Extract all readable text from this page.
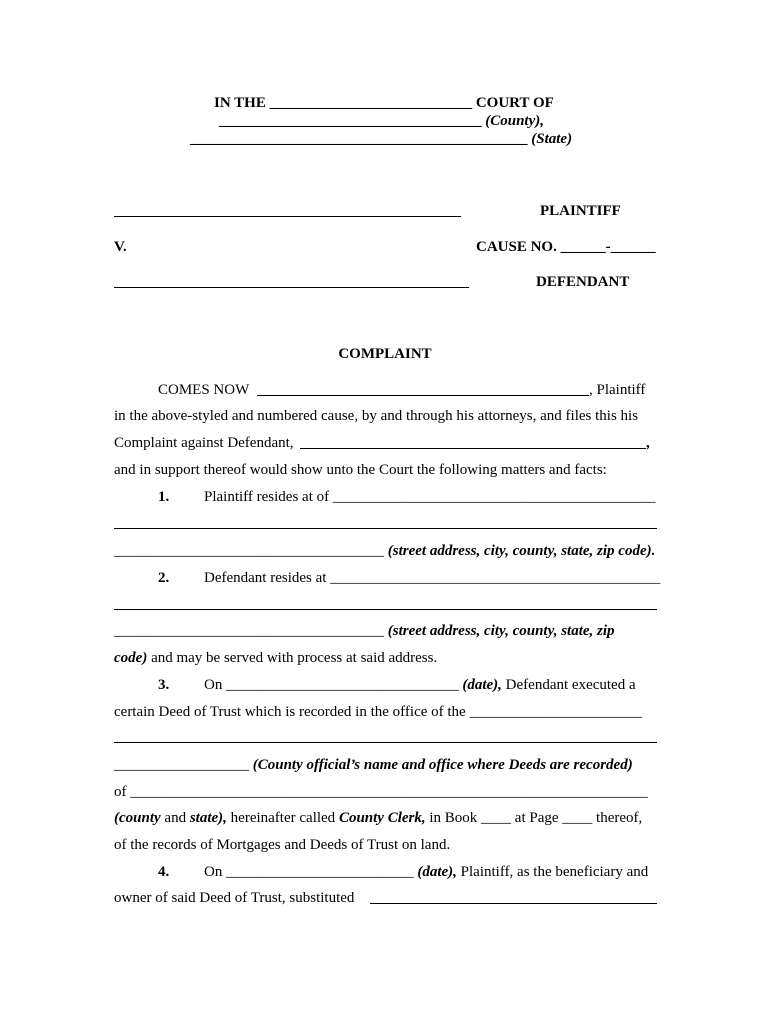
IN THE ___________________________ COURT OF
___________________________________ (County),
_____________________________________________ (State)
PLAINTIFF
V.	CAUSE NO. ______-______
DEFENDANT
COMPLAINT
COMES NOW	, Plaintiff
in the above-styled and numbered cause, by and through his attorneys, and files this his
Complaint against Defendant,	,
and in support thereof would show unto the Court the following matters and facts:
1. Plaintiff resides at of ___________________________________________
____________________________________ (street address, city, county, state, zip code).
2. Defendant resides at ____________________________________________
____________________________________ (street address, city, county, state, zip
code) and may be served with process at said address.
3. On _______________________________ (date), Defendant executed a
certain Deed of Trust which is recorded in the office of the _______________________
__________________ (County official’s name and office where Deeds are recorded)
of _____________________________________________________________________
(county and state), hereinafter called County Clerk, in Book ____ at Page ____ thereof,
of the records of Mortgages and Deeds of Trust on land.
4. On _________________________ (date), Plaintiff, as the beneficiary and
owner of said Deed of Trust, substituted
